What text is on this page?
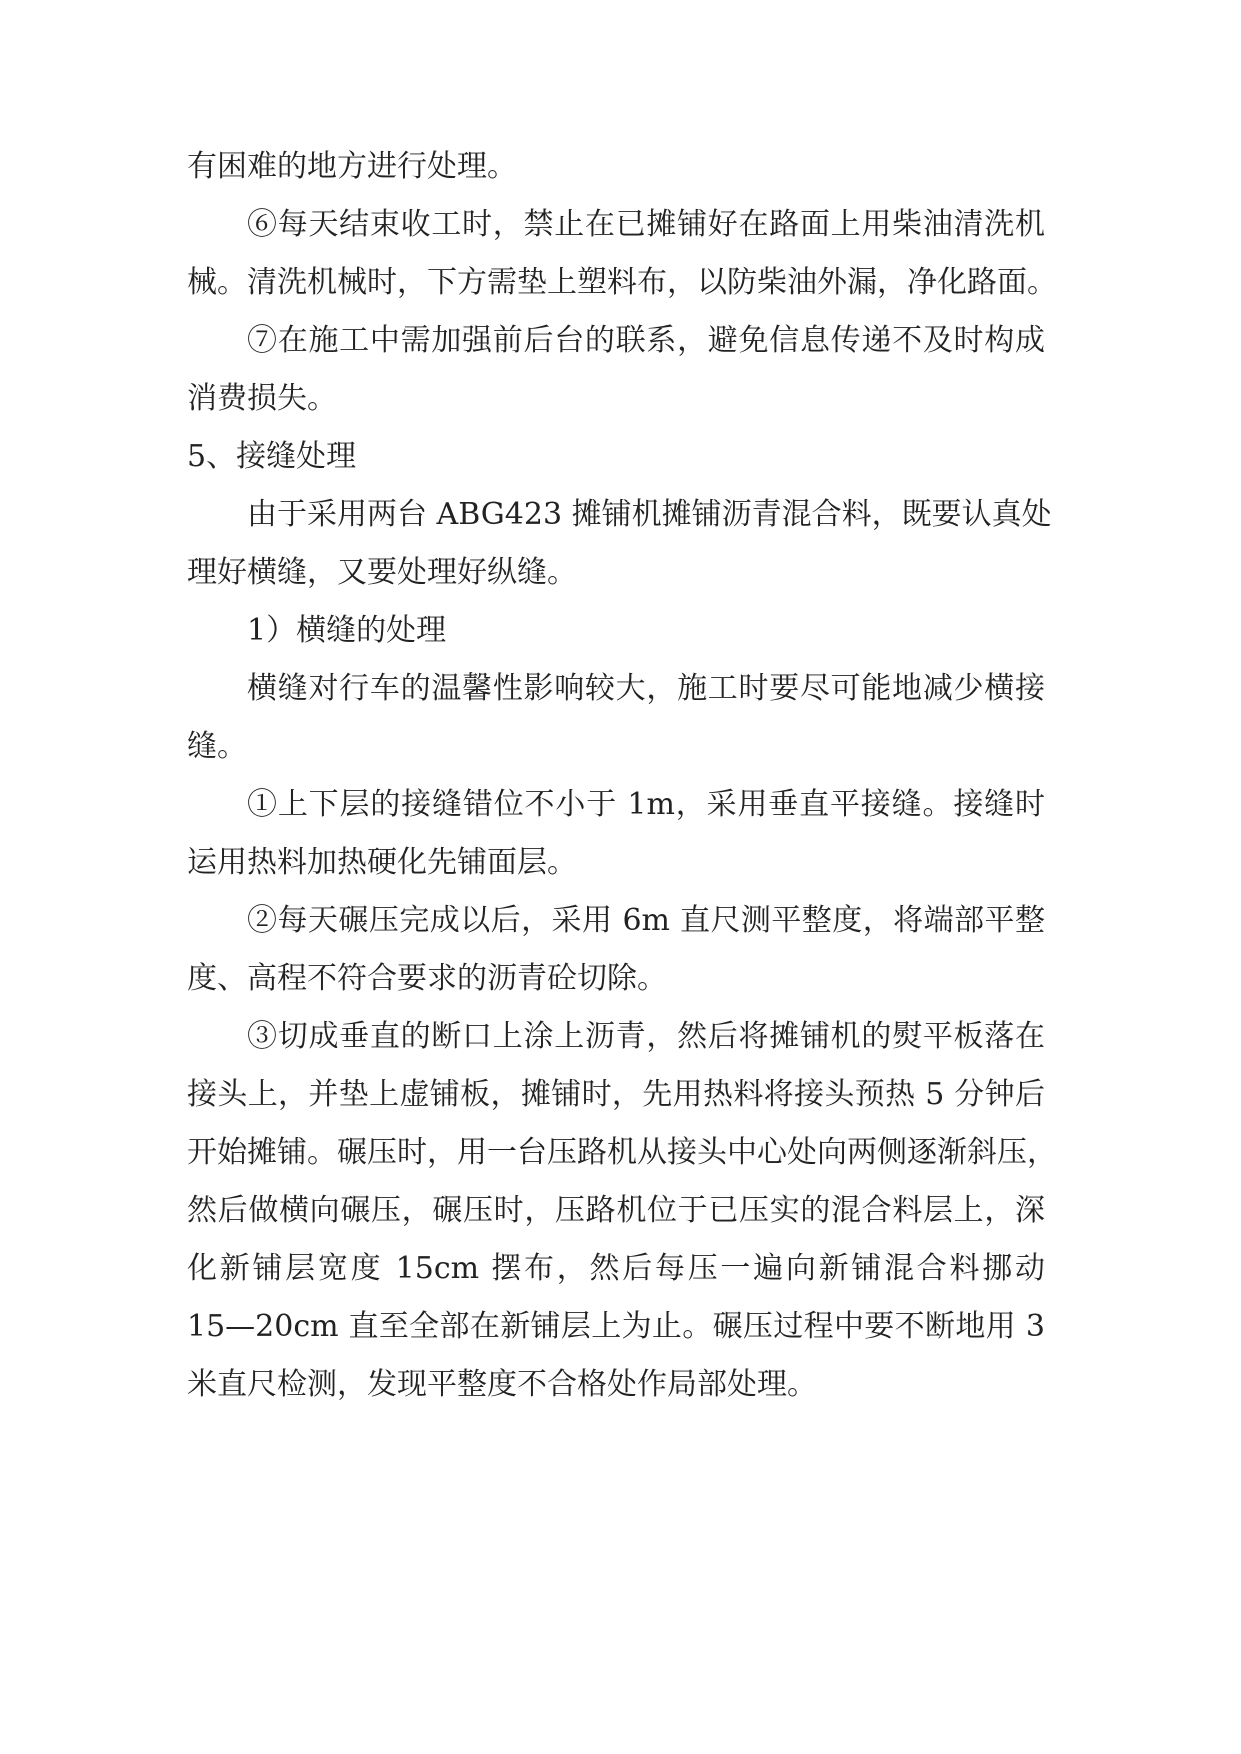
有困难的地方进行处理。

⑥每天结束收工时，禁止在已摊铺好在路面上用柴油清洗机

械。清洗机械时，下方需垫上塑料布，以防柴油外漏，净化路面。

⑦在施工中需加强前后台的联系，避免信息传递不及时构成

消费损失。

5、接缝处理

由于采用两台 ABG423 摊铺机摊铺沥青混合料，既要认真处

理好横缝，又要处理好纵缝。

1）横缝的处理

横缝对行车的温馨性影响较大，施工时要尽可能地减少横接

缝。

①上下层的接缝错位不小于 1m，采用垂直平接缝。接缝时

运用热料加热硬化先铺面层。

②每天碾压完成以后，采用 6m 直尺测平整度，将端部平整

度、高程不符合要求的沥青砼切除。

③切成垂直的断口上涂上沥青，然后将摊铺机的熨平板落在

接头上，并垫上虚铺板，摊铺时，先用热料将接头预热 5 分钟后

开始摊铺。碾压时，用一台压路机从接头中心处向两侧逐渐斜压，

然后做横向碾压，碾压时，压路机位于已压实的混合料层上，深

化新铺层宽度 15cm 摆布，然后每压一遍向新铺混合料挪动

15—20cm 直至全部在新铺层上为止。碾压过程中要不断地用 3

米直尺检测，发现平整度不合格处作局部处理。
